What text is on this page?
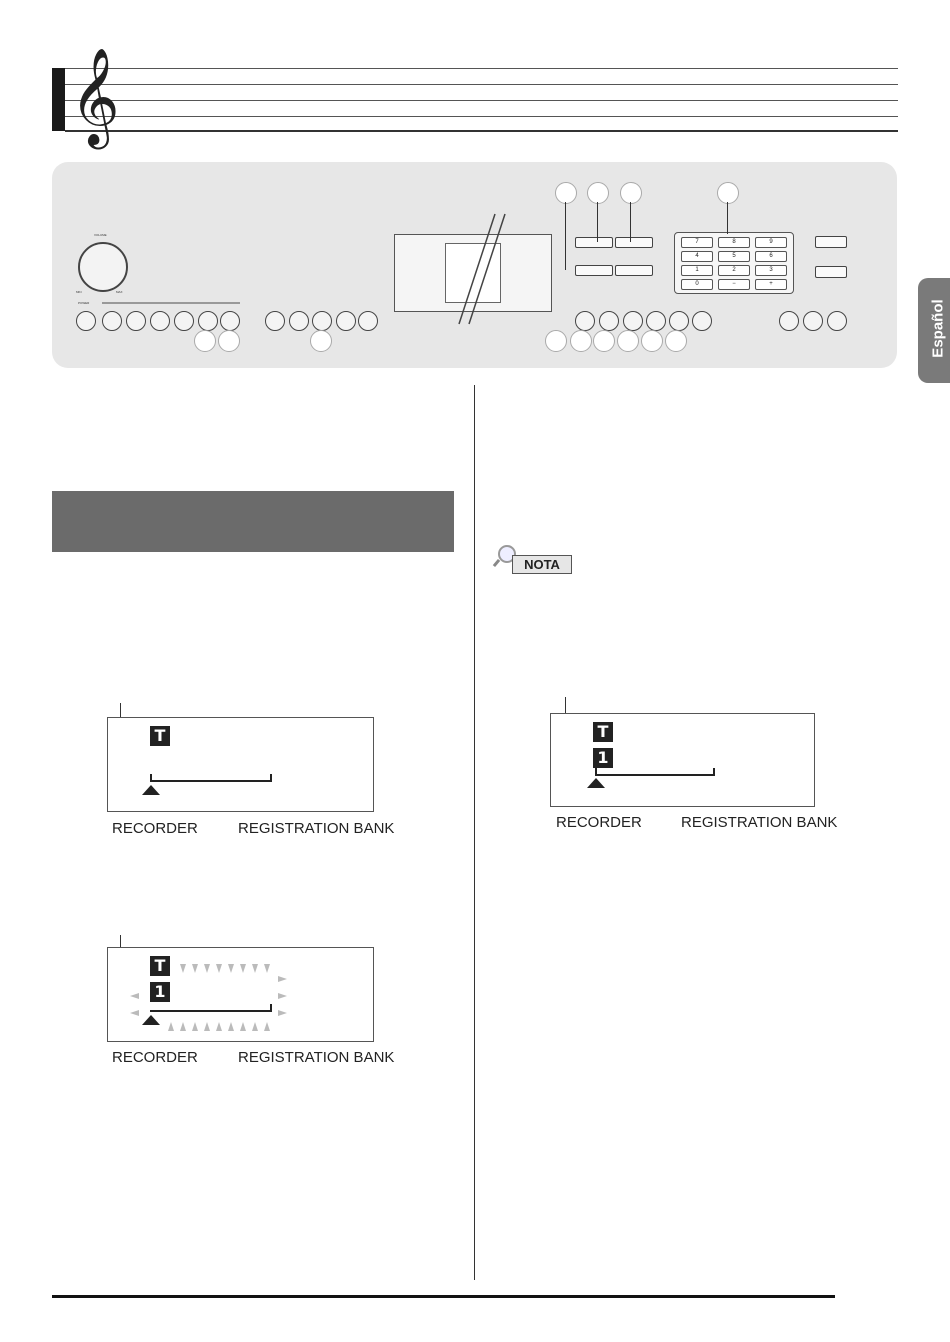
𝄞
Español
VOLUME
MIN	MAX
POWER
7	8	9
4	5	6
1	2	3
0	−	+
NOTA
T
RECORDER	REGISTRATION BANK
T
1
RECORDER	REGISTRATION BANK
T
1
RECORDER	REGISTRATION BANK
